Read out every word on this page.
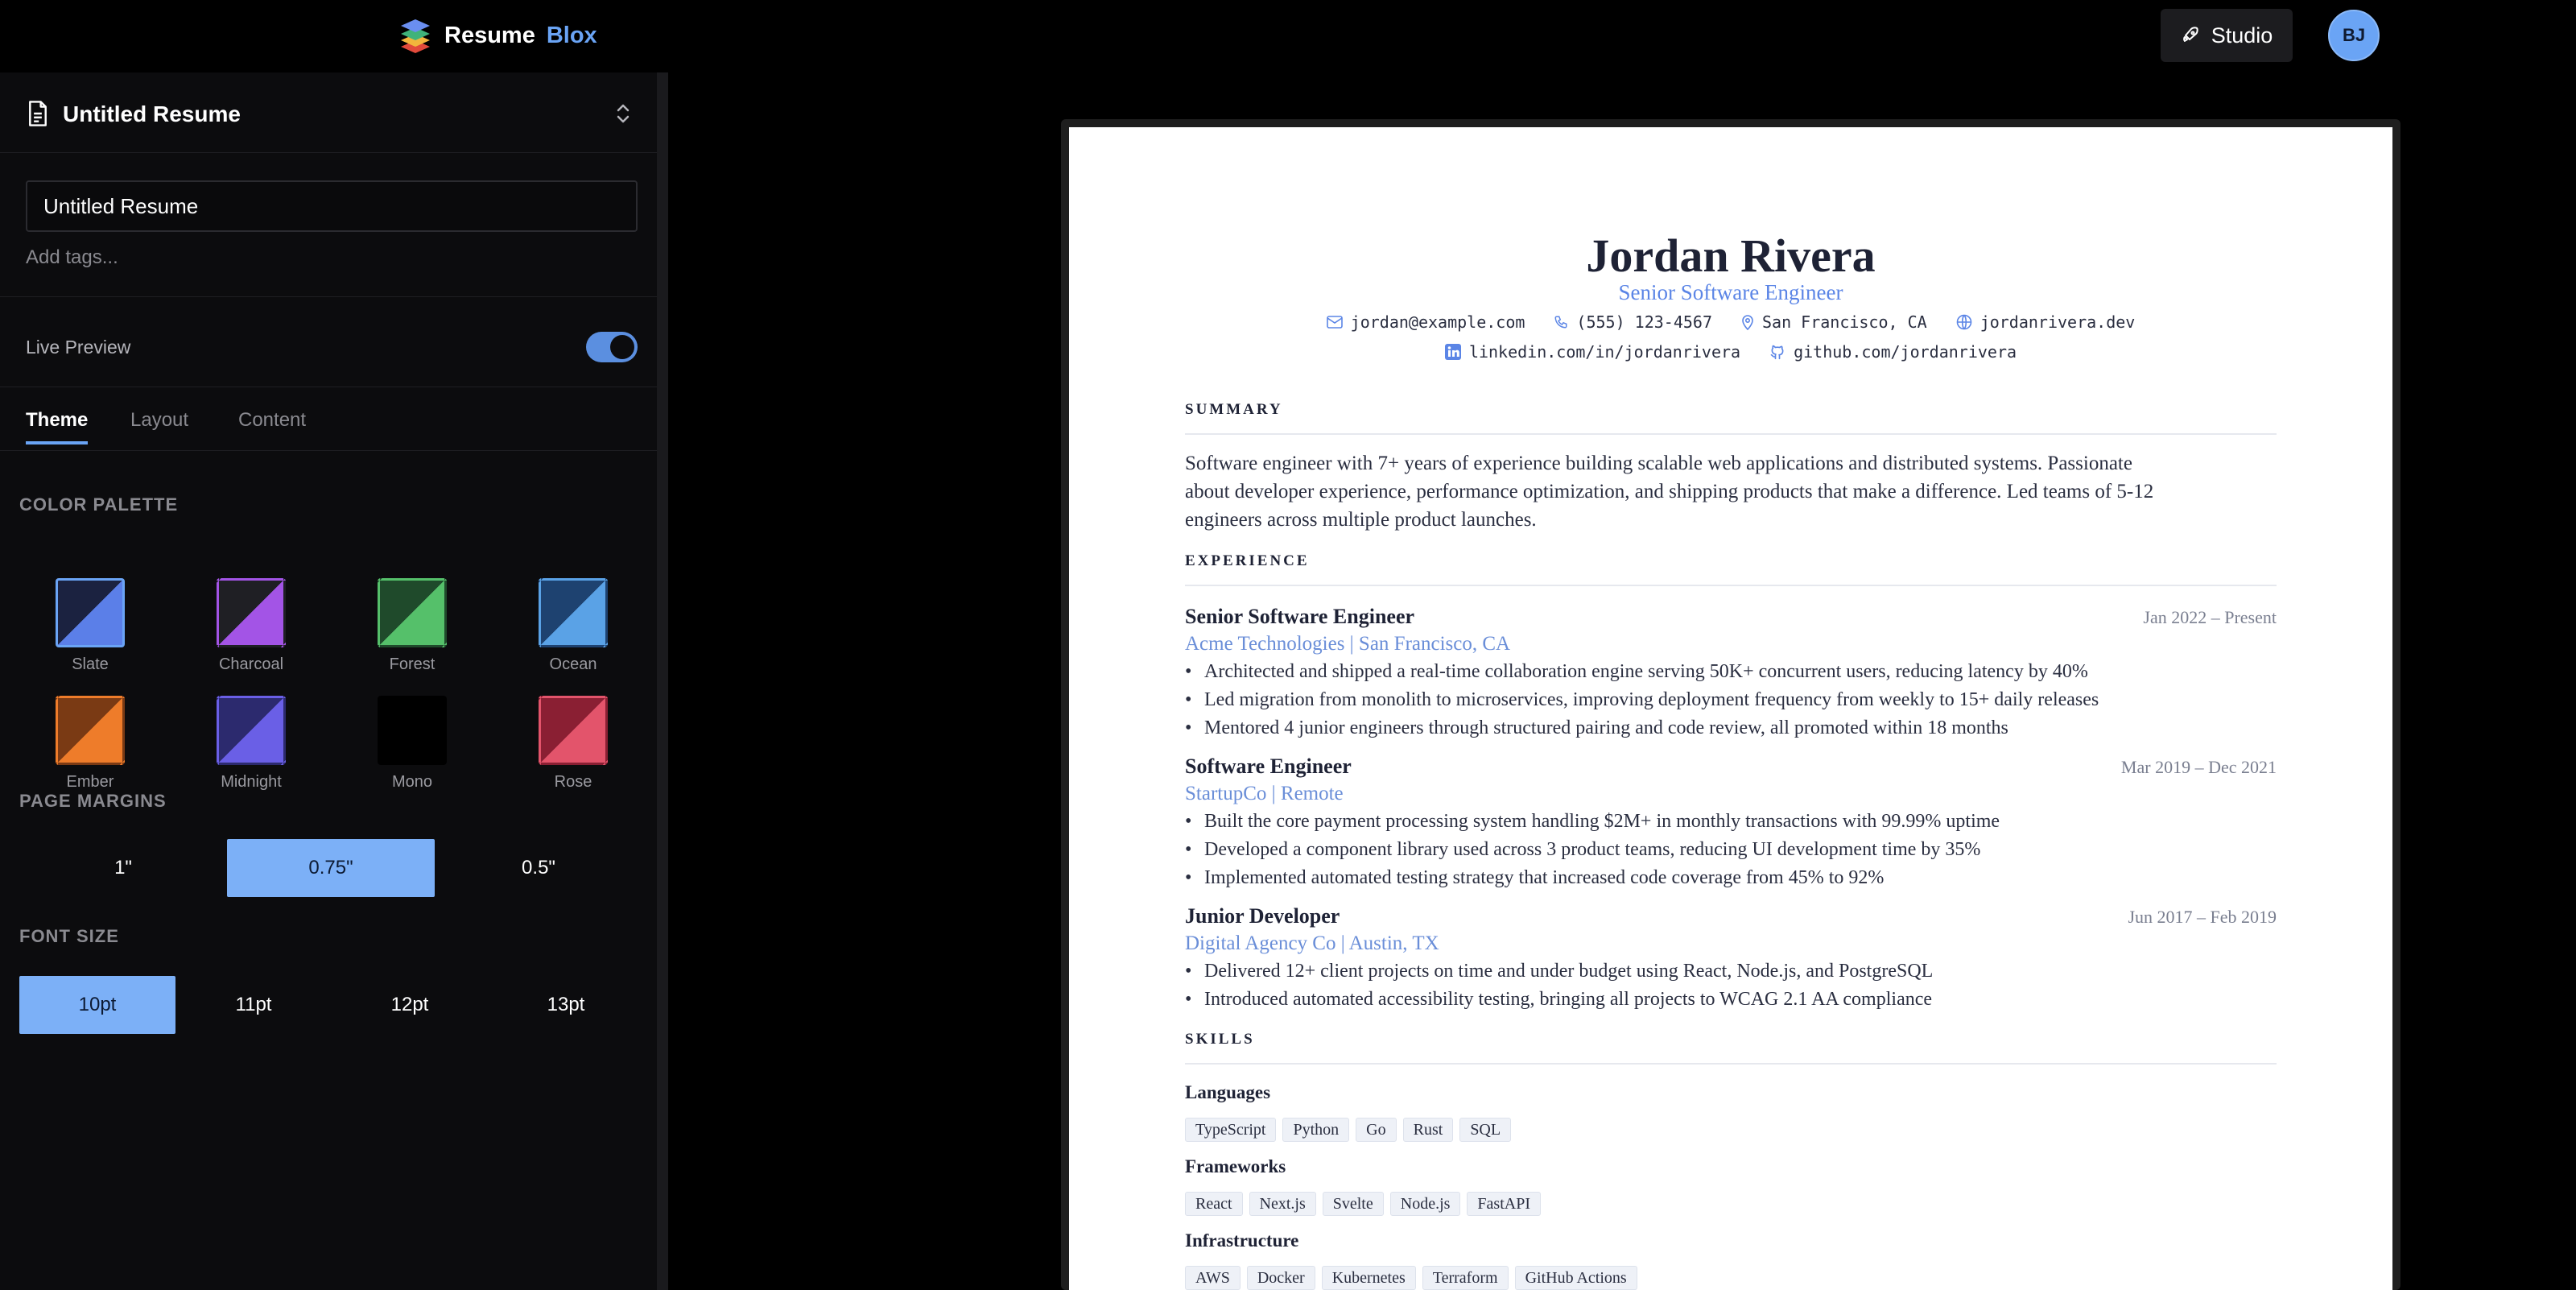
Resume Blox	Studio	BJ
Untitled Resume
Untitled Resume
Add tags...
Live Preview
Theme Layout	Content
COLOR PALETTE
Slate	Charcoal	Forest	Ocean
Ember	Midnight	Mono	Rose
PAGE MARGINS
1"	0.75"	0.5"
FONT SIZE
10pt	11pt	12pt	13pt
Jordan Rivera
Senior Software Engineer
jordan@example.com	(555) 123-4567	San Francisco, CA	jordanrivera.dev
linkedin.com/in/jordanrivera	github.com/jordanrivera
SUMMARY
Software engineer with 7+ years of experience building scalable web applications and distributed systems. Passionate
about developer experience, performance optimization, and shipping products that make a difference. Led teams of 5-12
engineers across multiple product launches.
EXPERIENCE
Senior Software Engineer	Jan 2022 – Present
Acme Technologies | San Francisco, CA
• Architected and shipped a real-time collaboration engine serving 50K+ concurrent users, reducing latency by 40%
• Led migration from monolith to microservices, improving deployment frequency from weekly to 15+ daily releases
• Mentored 4 junior engineers through structured pairing and code review, all promoted within 18 months
Software Engineer	Mar 2019 – Dec 2021
StartupCo | Remote
• Built the core payment processing system handling $2M+ in monthly transactions with 99.99% uptime
• Developed a component library used across 3 product teams, reducing UI development time by 35%
• Implemented automated testing strategy that increased code coverage from 45% to 92%
Junior Developer	Jun 2017 – Feb 2019
Digital Agency Co | Austin, TX
• Delivered 12+ client projects on time and under budget using React, Node.js, and PostgreSQL
• Introduced automated accessibility testing, bringing all projects to WCAG 2.1 AA compliance
SKILLS
Languages
TypeScript	Python	Go	Rust	SQL
Frameworks
React	Next.js	Svelte	Node.js	FastAPI
Infrastructure
AWS	Docker	Kubernetes	Terraform	GitHub Actions
